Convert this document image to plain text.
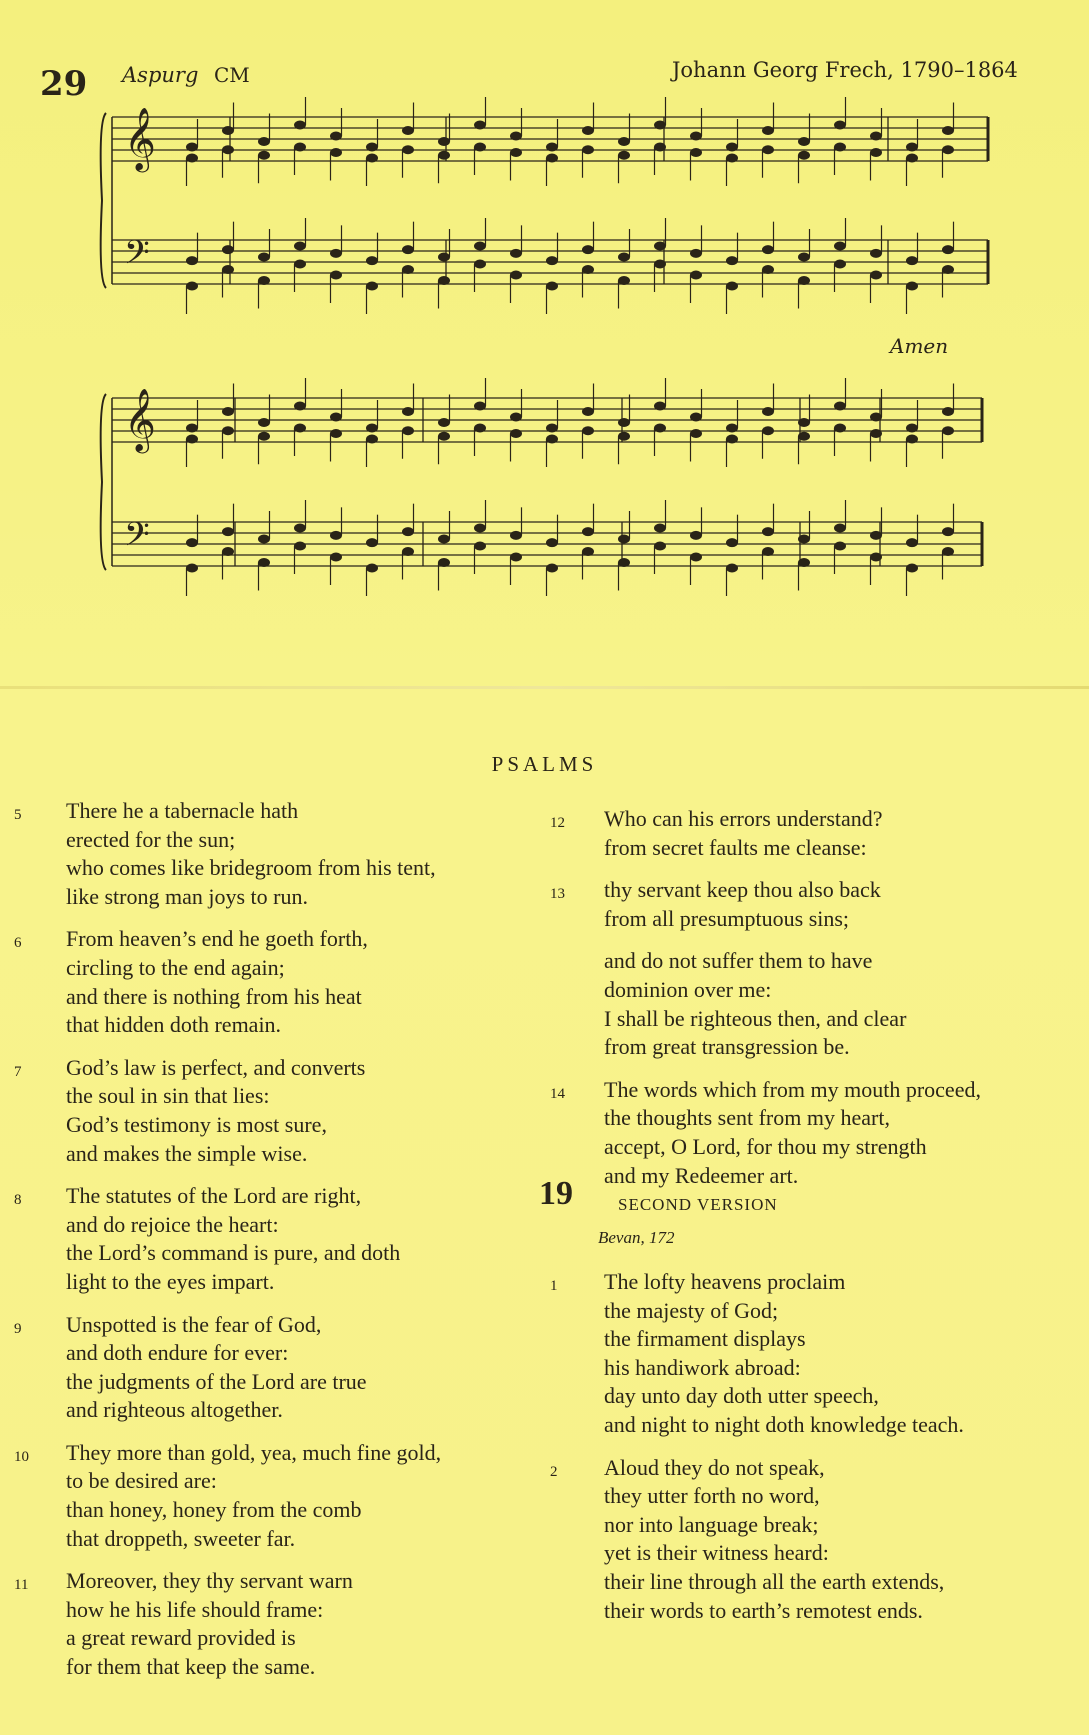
29 Aspurg CM	Johann Georg Frech, 1790–1864
Amen
𝄞
𝄢
𝄞
𝄢
PSALMS
5 There he a tabernacle hath
erected for the sun;
who comes like bridegroom from his tent,
like strong man joys to run.
6 From heaven’s end he goeth forth,
circling to the end again;
and there is nothing from his heat
that hidden doth remain.
7 God’s law is perfect, and converts
the soul in sin that lies:
God’s testimony is most sure,
and makes the simple wise.
8 The statutes of the Lord are right,
and do rejoice the heart:
the Lord’s command is pure, and doth
light to the eyes impart.
9 Unspotted is the fear of God,
and doth endure for ever:
the judgments of the Lord are true
and righteous altogether.
10 They more than gold, yea, much fine gold,
to be desired are:
than honey, honey from the comb
that droppeth, sweeter far.
11 Moreover, they thy servant warn
how he his life should frame:
a great reward provided is
for them that keep the same.
12 Who can his errors understand?
from secret faults me cleanse:
13 thy servant keep thou also back
from all presumptuous sins;
and do not suffer them to have
dominion over me:
I shall be righteous then, and clear
from great transgression be.
14 The words which from my mouth proceed,
the thoughts sent from my heart,
accept, O Lord, for thou my strength
and my Redeemer art.
19	SECOND VERSION
Bevan, 172
1 The lofty heavens proclaim
the majesty of God;
the firmament displays
his handiwork abroad:
day unto day doth utter speech,
and night to night doth knowledge teach.
2 Aloud they do not speak,
they utter forth no word,
nor into language break;
yet is their witness heard:
their line through all the earth extends,
their words to earth’s remotest ends.
